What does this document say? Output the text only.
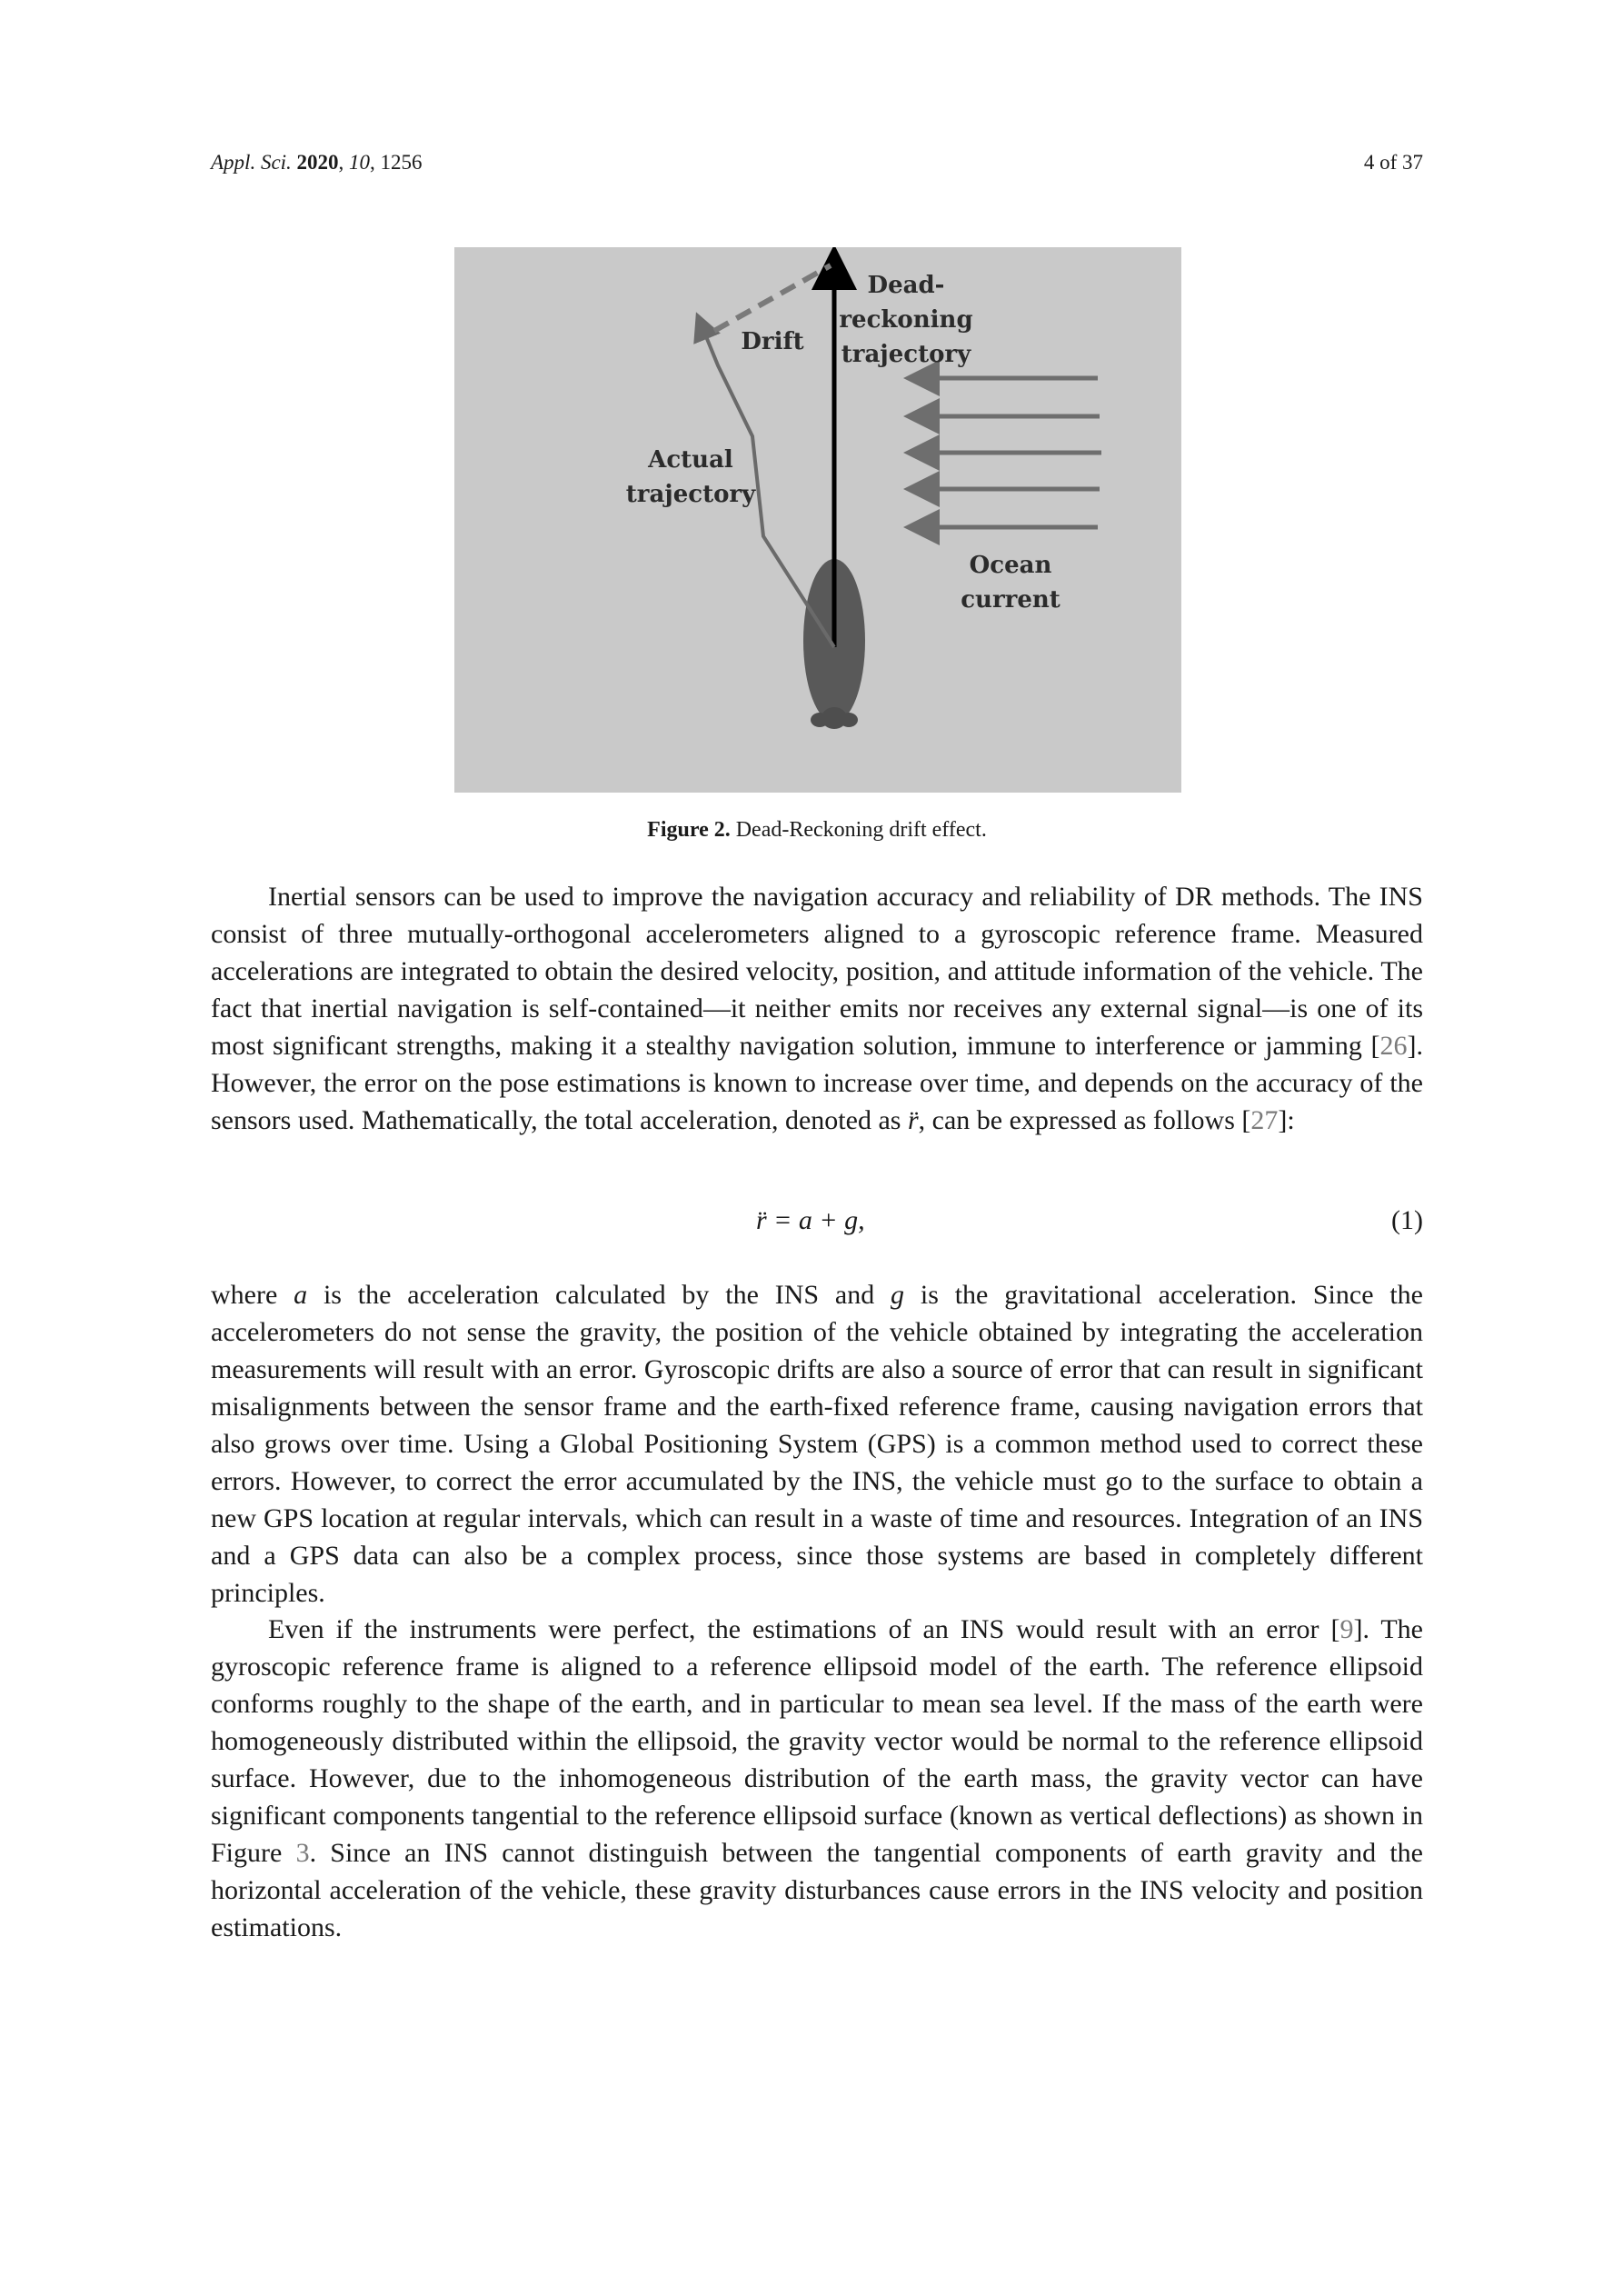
Appl. Sci. 2020, 10, 1256	4 of 37
Dead-
reckoning
trajectory
Drift
Actual
trajectory
Ocean
current
Figure 2. Dead-Reckoning drift effect.

Inertial sensors can be used to improve the navigation accuracy and reliability of DR methods. The INS consist of three mutually-orthogonal accelerometers aligned to a gyroscopic reference frame. Measured accelerations are integrated to obtain the desired velocity, position, and attitude information of the vehicle. The fact that inertial navigation is self-contained—it neither emits nor receives any external signal—is one of its most significant strengths, making it a stealthy navigation solution, immune to interference or jamming [26]. However, the error on the pose estimations is known to increase over time, and depends on the accuracy of the sensors used. Mathematically, the total acceleration, denoted as r̈, can be expressed as follows [27]:

r̈ = a + g,	(1)

where a is the acceleration calculated by the INS and g is the gravitational acceleration. Since the accelerometers do not sense the gravity, the position of the vehicle obtained by integrating the acceleration measurements will result with an error. Gyroscopic drifts are also a source of error that can result in significant misalignments between the sensor frame and the earth-fixed reference frame, causing navigation errors that also grows over time. Using a Global Positioning System (GPS) is a common method used to correct these errors. However, to correct the error accumulated by the INS, the vehicle must go to the surface to obtain a new GPS location at regular intervals, which can result in a waste of time and resources. Integration of an INS and a GPS data can also be a complex process, since those systems are based in completely different principles.

Even if the instruments were perfect, the estimations of an INS would result with an error [9]. The gyroscopic reference frame is aligned to a reference ellipsoid model of the earth. The reference ellipsoid conforms roughly to the shape of the earth, and in particular to mean sea level. If the mass of the earth were homogeneously distributed within the ellipsoid, the gravity vector would be normal to the reference ellipsoid surface. However, due to the inhomogeneous distribution of the earth mass, the gravity vector can have significant components tangential to the reference ellipsoid surface (known as vertical deflections) as shown in Figure 3. Since an INS cannot distinguish between the tangential components of earth gravity and the horizontal acceleration of the vehicle, these gravity disturbances cause errors in the INS velocity and position estimations.
